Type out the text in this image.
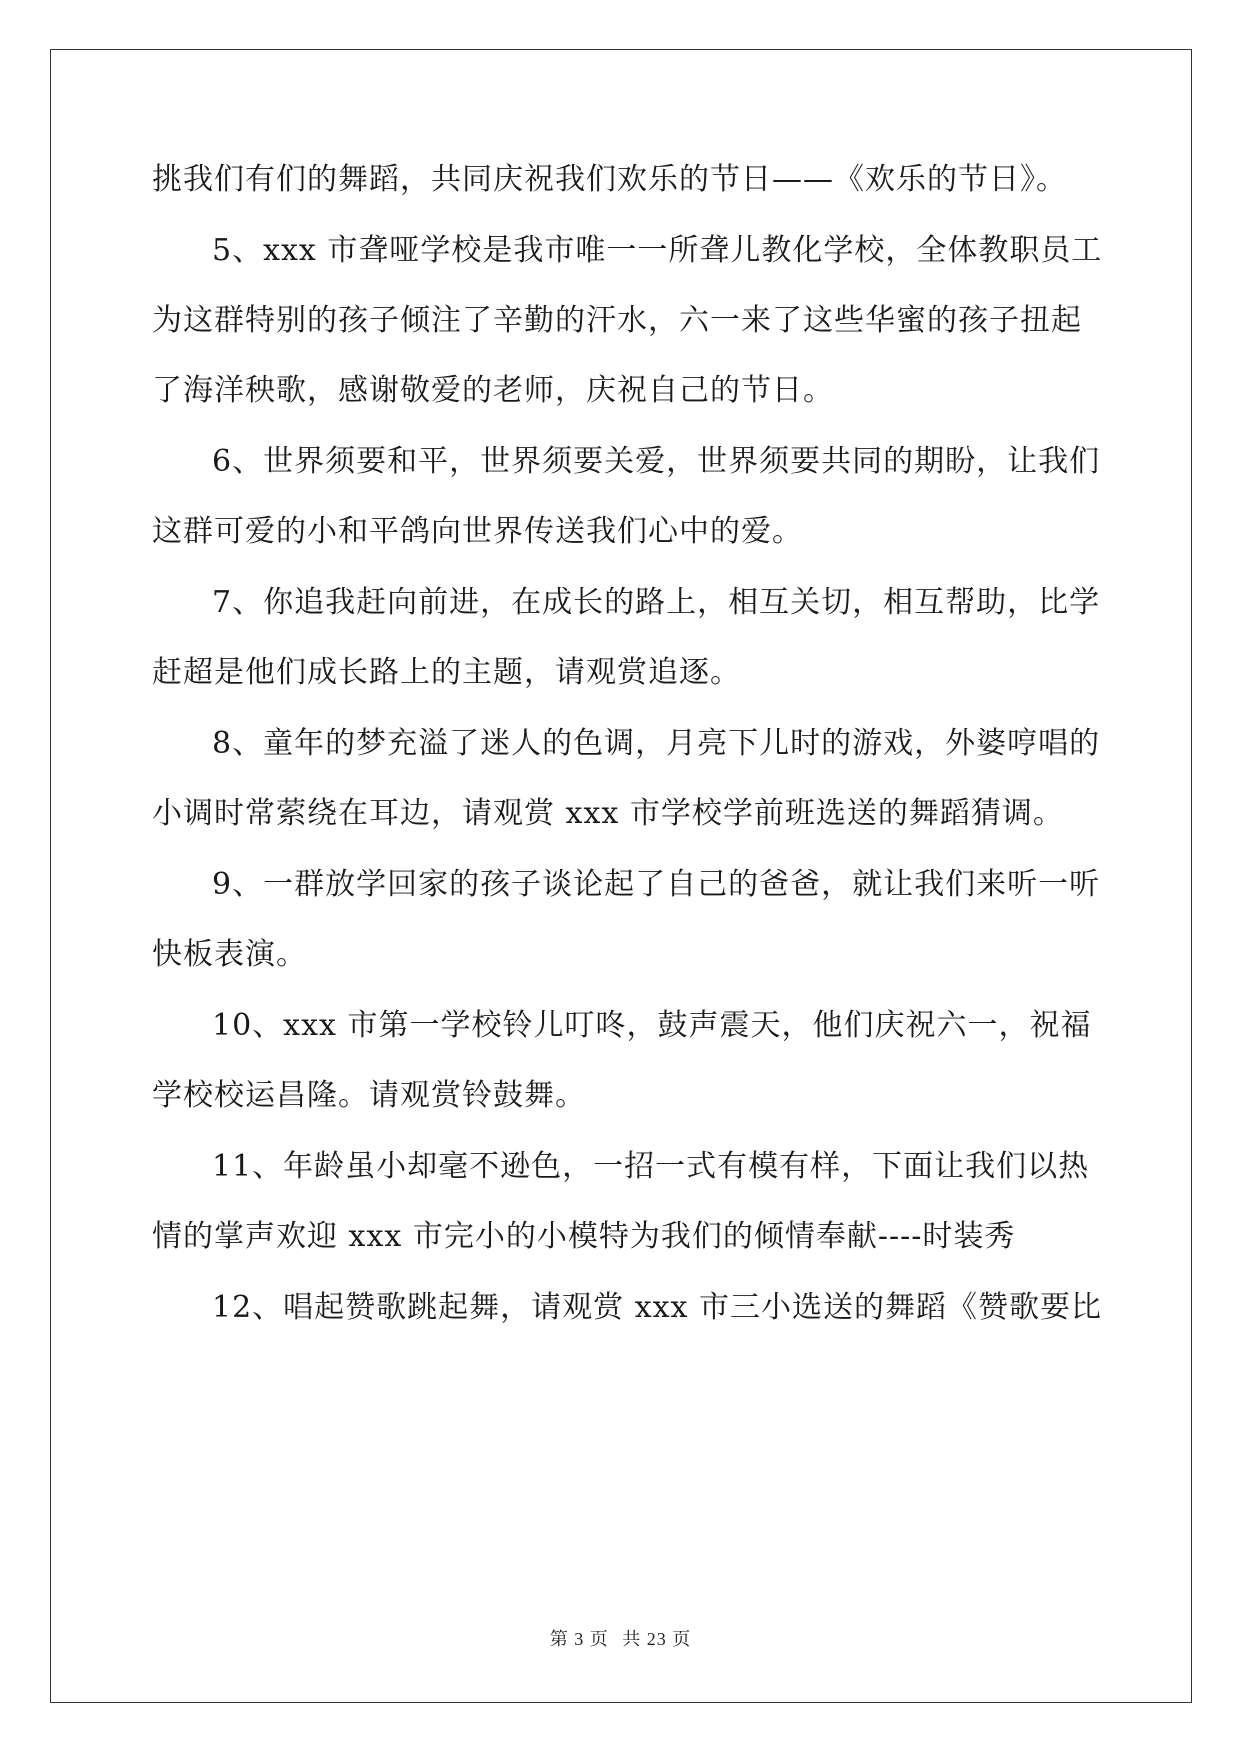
挑我们有们的舞蹈，共同庆祝我们欢乐的节日——《欢乐的节日》。
5、xxx 市聋哑学校是我市唯一一所聋儿教化学校，全体教职员工
为这群特别的孩子倾注了辛勤的汗水，六一来了这些华蜜的孩子扭起
了海洋秧歌，感谢敬爱的老师，庆祝自己的节日。
6、世界须要和平，世界须要关爱，世界须要共同的期盼，让我们
这群可爱的小和平鸽向世界传送我们心中的爱。
7、你追我赶向前进，在成长的路上，相互关切，相互帮助，比学
赶超是他们成长路上的主题，请观赏追逐。
8、童年的梦充溢了迷人的色调，月亮下儿时的游戏，外婆哼唱的
小调时常萦绕在耳边，请观赏 xxx 市学校学前班选送的舞蹈猜调。
9、一群放学回家的孩子谈论起了自己的爸爸，就让我们来听一听
快板表演。
10、xxx 市第一学校铃儿叮咚，鼓声震天，他们庆祝六一，祝福
学校校运昌隆。请观赏铃鼓舞。
11、年龄虽小却毫不逊色，一招一式有模有样，下面让我们以热
情的掌声欢迎 xxx 市完小的小模特为我们的倾情奉献----时装秀
12、唱起赞歌跳起舞，请观赏 xxx 市三小选送的舞蹈《赞歌要比
第 3 页 共 23 页
